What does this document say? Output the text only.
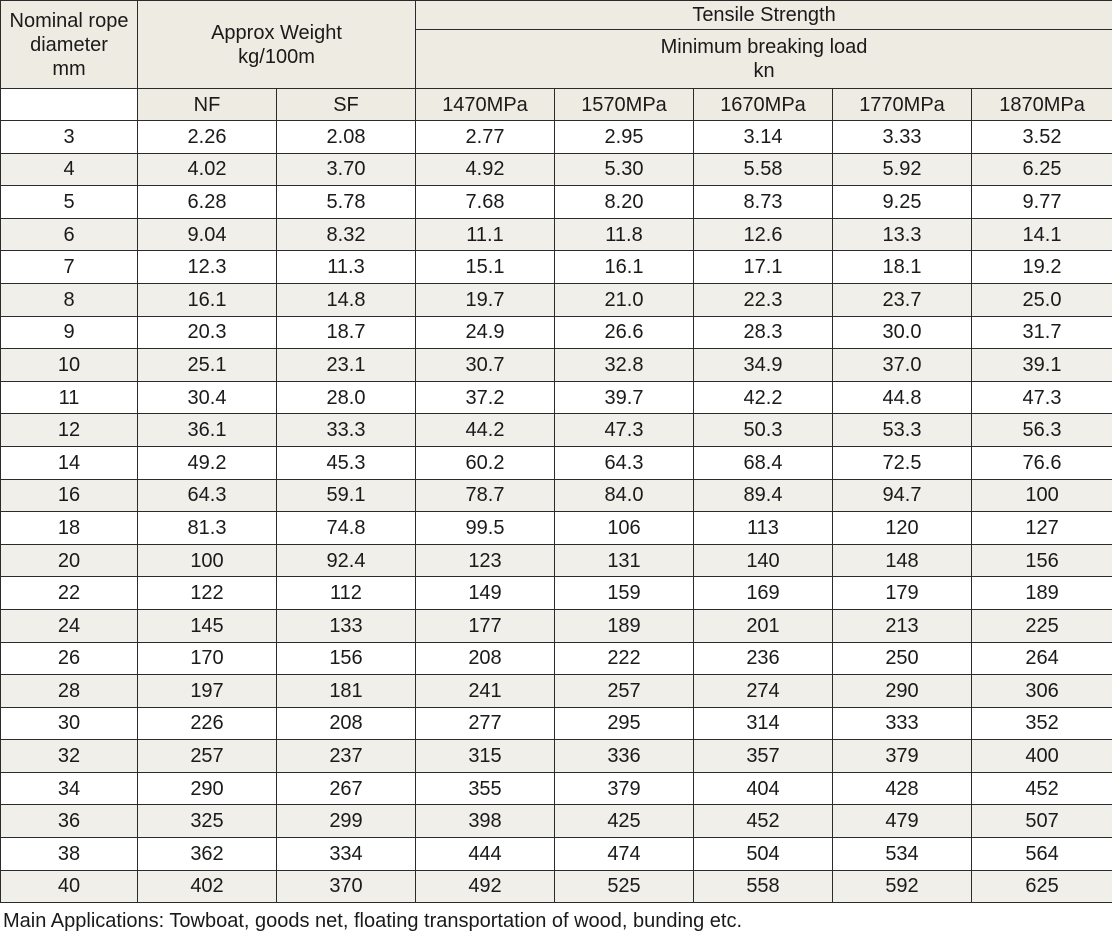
Nominal rope
diameter
mm	Approx Weight
kg/100m		Tensile Strength				
			Minimum breaking load
kn				
	NF	SF	1470MPa	1570MPa	1670MPa	1770MPa	1870MPa
3	2.26	2.08	2.77	2.95	3.14	3.33	3.52
4	4.02	3.70	4.92	5.30	5.58	5.92	6.25
5	6.28	5.78	7.68	8.20	8.73	9.25	9.77
6	9.04	8.32	11.1	11.8	12.6	13.3	14.1
7	12.3	11.3	15.1	16.1	17.1	18.1	19.2
8	16.1	14.8	19.7	21.0	22.3	23.7	25.0
9	20.3	18.7	24.9	26.6	28.3	30.0	31.7
10	25.1	23.1	30.7	32.8	34.9	37.0	39.1
11	30.4	28.0	37.2	39.7	42.2	44.8	47.3
12	36.1	33.3	44.2	47.3	50.3	53.3	56.3
14	49.2	45.3	60.2	64.3	68.4	72.5	76.6
16	64.3	59.1	78.7	84.0	89.4	94.7	100
18	81.3	74.8	99.5	106	113	120	127
20	100	92.4	123	131	140	148	156
22	122	112	149	159	169	179	189
24	145	133	177	189	201	213	225
26	170	156	208	222	236	250	264
28	197	181	241	257	274	290	306
30	226	208	277	295	314	333	352
32	257	237	315	336	357	379	400
34	290	267	355	379	404	428	452
36	325	299	398	425	452	479	507
38	362	334	444	474	504	534	564
40	402	370	492	525	558	592	625
Main Applications: Towboat, goods net, floating transportation of wood, bunding etc.
